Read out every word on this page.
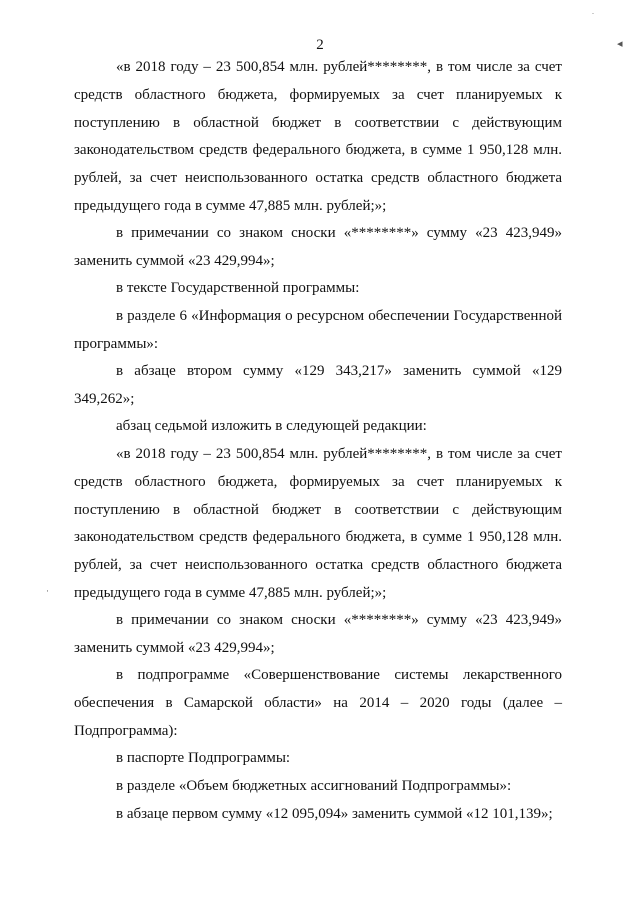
◂
·
2

«в 2018 году – 23 500,854 млн. рублей********, в том числе за счет средств областного бюджета, формируемых за счет планируемых к поступлению в областной бюджет в соответствии с действующим законодательством средств федерального бюджета, в сумме 1 950,128 млн. рублей, за счет неиспользованного остатка средств областного бюджета предыдущего года в сумме 47,885 млн. рублей;»;

в примечании со знаком сноски «********» сумму «23 423,949» заменить суммой «23 429,994»;

в тексте Государственной программы:

в разделе 6 «Информация о ресурсном обеспечении Государственной программы»:

в абзаце втором сумму «129 343,217» заменить суммой «129 349,262»;

абзац седьмой изложить в следующей редакции:

«в 2018 году – 23 500,854 млн. рублей********, в том числе за счет средств областного бюджета, формируемых за счет планируемых к поступлению в областной бюджет в соответствии с действующим законодательством средств федерального бюджета, в сумме 1 950,128 млн. рублей, за счет неиспользованного остатка средств областного бюджета предыдущего года в сумме 47,885 млн. рублей;»;

в примечании со знаком сноски «********» сумму «23 423,949» заменить суммой «23 429,994»;

в подпрограмме «Совершенствование системы лекарственного обеспечения в Самарской области» на 2014 – 2020 годы (далее – Подпрограмма):

в паспорте Подпрограммы:

в разделе «Объем бюджетных ассигнований Подпрограммы»:

в абзаце первом сумму «12 095,094» заменить суммой «12 101,139»;
